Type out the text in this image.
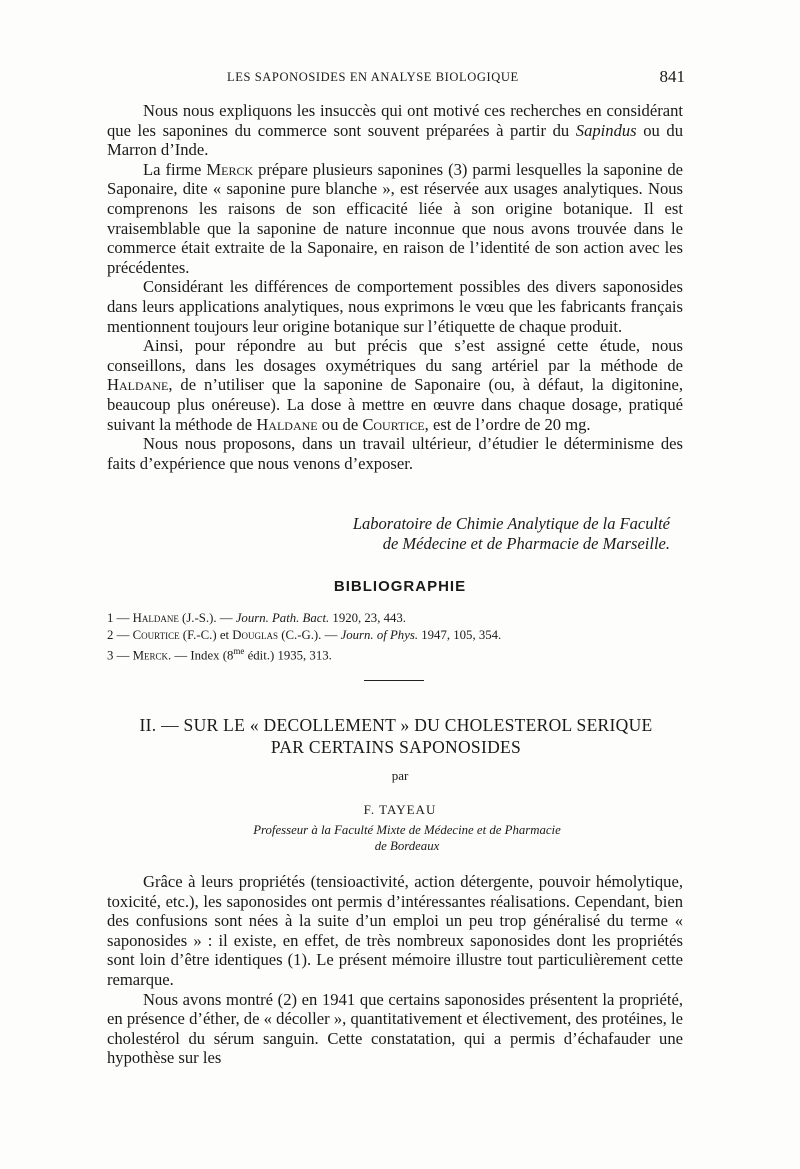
LES SAPONOSIDES EN ANALYSE BIOLOGIQUE	841

Nous nous expliquons les insuccès qui ont motivé ces recherches en considérant que les saponines du commerce sont souvent préparées à partir du Sapindus ou du Marron d’Inde.

La firme Merck prépare plusieurs saponines (3) parmi lesquelles la saponine de Saponaire, dite « saponine pure blanche », est réservée aux usages analytiques. Nous comprenons les raisons de son efficacité liée à son origine botanique. Il est vraisemblable que la saponine de nature inconnue que nous avons trouvée dans le commerce était extraite de la Saponaire, en raison de l’identité de son action avec les précédentes.

Considérant les différences de comportement possibles des divers saponosides dans leurs applications analytiques, nous exprimons le vœu que les fabricants français mentionnent toujours leur origine botanique sur l’étiquette de chaque produit.

Ainsi, pour répondre au but précis que s’est assigné cette étude, nous conseillons, dans les dosages oxymétriques du sang artériel par la méthode de Haldane, de n’utiliser que la saponine de Saponaire (ou, à défaut, la digitonine, beaucoup plus onéreuse). La dose à mettre en œuvre dans chaque dosage, pratiqué suivant la méthode de Haldane ou de Courtice, est de l’ordre de 20 mg.

Nous nous proposons, dans un travail ultérieur, d’étudier le déterminisme des faits d’expérience que nous venons d’exposer.

Laboratoire de Chimie Analytique de la Faculté
de Médecine et de Pharmacie de Marseille.
BIBLIOGRAPHIE
1 — Haldane (J.-S.). — Journ. Path. Bact. 1920, 23, 443.
2 — Courtice (F.-C.) et Douglas (C.-G.). — Journ. of Phys. 1947, 105, 354.
3 — Merck. — Index ($8^{me}$ édit.) 1935, 313.
II. — SUR LE « DECOLLEMENT » DU CHOLESTEROL SERIQUE
PAR CERTAINS SAPONOSIDES
par
F. TAYEAU
Professeur à la Faculté Mixte de Médecine et de Pharmacie
de Bordeaux

Grâce à leurs propriétés (tensioactivité, action détergente, pouvoir hémolytique, toxicité, etc.), les saponosides ont permis d’intéressantes réalisations. Cependant, bien des confusions sont nées à la suite d’un emploi un peu trop généralisé du terme « saponosides » : il existe, en effet, de très nombreux saponosides dont les propriétés sont loin d’être identiques (1). Le présent mémoire illustre tout particulièrement cette remarque.

Nous avons montré (2) en 1941 que certains saponosides présentent la propriété, en présence d’éther, de « décoller », quantitativement et électivement, des protéines, le cholestérol du sérum sanguin. Cette constatation, qui a permis d’échafauder une hypothèse sur les
